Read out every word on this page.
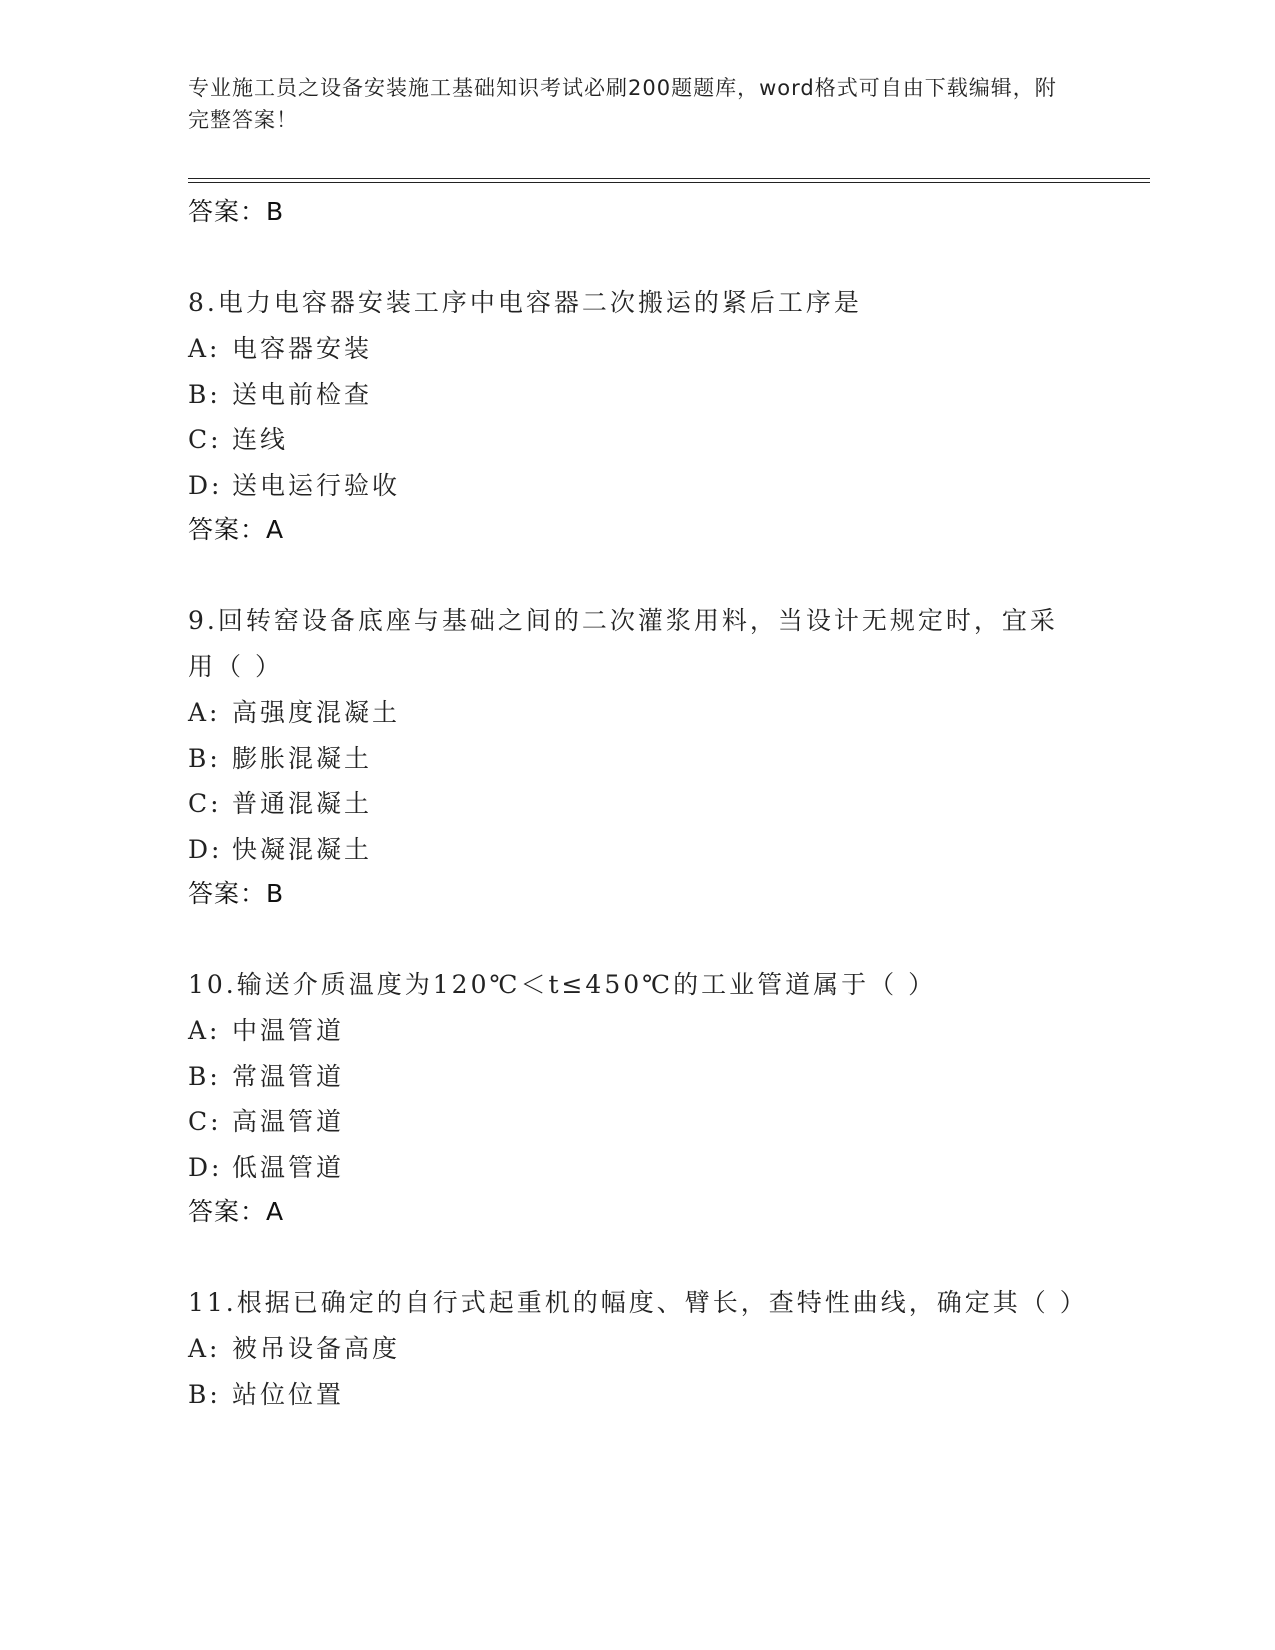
专业施工员之设备安装施工基础知识考试必刷200题题库，word格式可自由下载编辑，附完整答案！
答案：B
8.电力电容器安装工序中电容器二次搬运的紧后工序是
A: 电容器安装
B: 送电前检查
C: 连线
D: 送电运行验收
答案：A
9.回转窑设备底座与基础之间的二次灌浆用料，当设计无规定时，宜采用（ ）
A: 高强度混凝土
B: 膨胀混凝土
C: 普通混凝土
D: 快凝混凝土
答案：B
10.输送介质温度为120℃＜t≤450℃的工业管道属于（ ）
A: 中温管道
B: 常温管道
C: 高温管道
D: 低温管道
答案：A
11.根据已确定的自行式起重机的幅度、臂长，查特性曲线，确定其（ ）
A: 被吊设备高度
B: 站位位置
